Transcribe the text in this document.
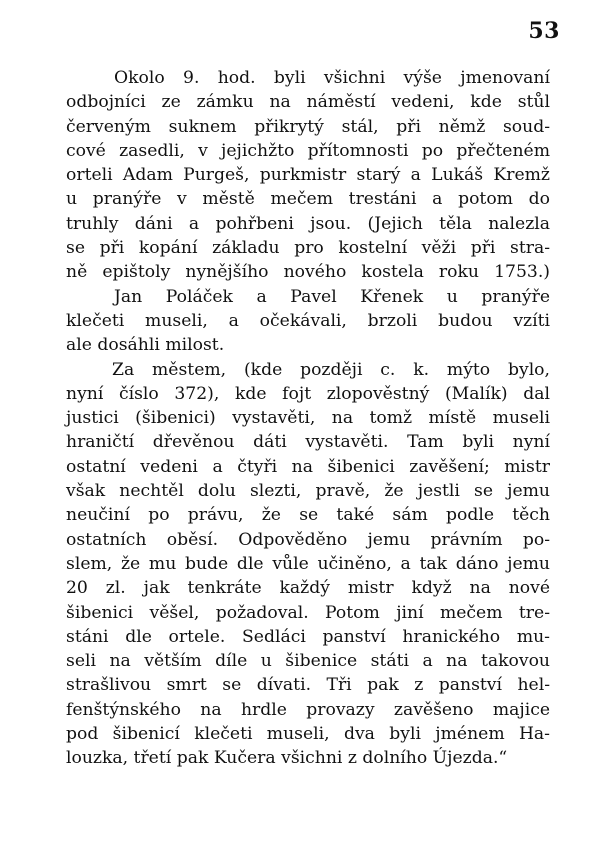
53
Okolo 9. hod. byli všichni výše jmenovaní
odbojníci ze zámku na náměstí vedeni, kde stůl
červeným suknem přikrytý stál, při němž soud-
cové zasedli, v jejichžto přítomnosti po přečteném
orteli Adam Purgeš, purkmistr starý a Lukáš Kremž
u pranýře v městě mečem trestáni a potom do
truhly dáni a pohřbeni jsou. (Jejich těla nalezla
se při kopání základu pro kostelní věži při stra-
ně epištoly nynějšího nového kostela roku 1753.)
Jan Poláček a Pavel Křenek u pranýře
klečeti museli, a očekávali, brzoli budou vzíti
ale dosáhli milost.
Za městem, (kde později c. k. mýto bylo,
nyní číslo 372), kde fojt zlopověstný (Malík) dal
justici (šibenici) vystavěti, na tomž místě museli
hraničtí dřevěnou dáti vystavěti. Tam byli nyní
ostatní vedeni a čtyři na šibenici zavěšení; mistr
však nechtěl dolu slezti, pravě, že jestli se jemu
neučiní po právu, že se také sám podle těch
ostatních oběsí. Odpověděno jemu právním po-
slem, že mu bude dle vůle učiněno, a tak dáno jemu
20 zl. jak tenkráte každý mistr když na nové
šibenici věšel, požadoval. Potom jiní mečem tre-
stáni dle ortele. Sedláci panství hranického mu-
seli na větším díle u šibenice státi a na takovou
strašlivou smrt se dívati. Tři pak z panství hel-
fenštýnského na hrdle provazy zavěšeno majice
pod šibenicí klečeti museli, dva byli jménem Ha-
louzka, třetí pak Kučera všichni z dolního Újezda.“
